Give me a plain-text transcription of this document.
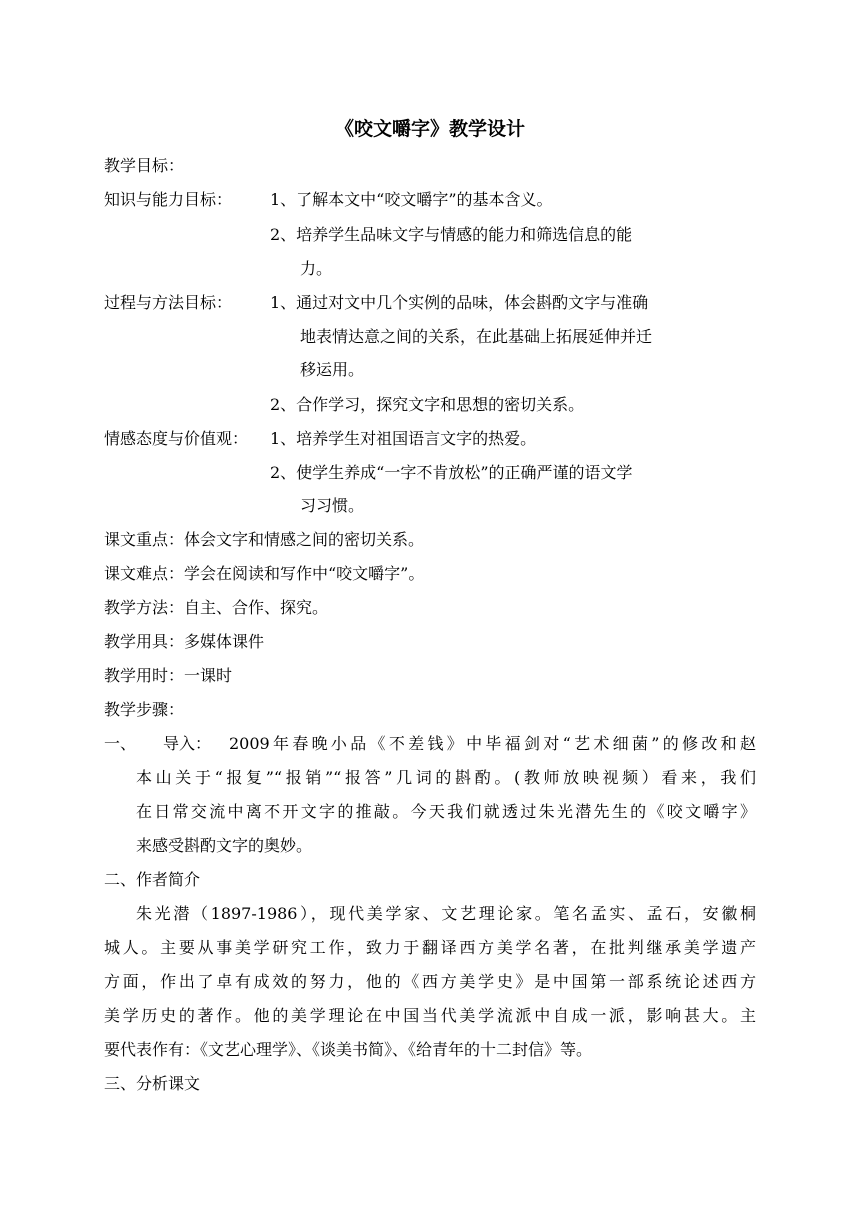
《咬文嚼字》教学设计
教学目标：
知识与能力目标： 1、了解本文中“咬文嚼字”的基本含义。
2、培养学生品味文字与情感的能力和筛选信息的能
力。
过程与方法目标： 1、通过对文中几个实例的品味，体会斟酌文字与准确
地表情达意之间的关系，在此基础上拓展延伸并迁
移运用。
2、合作学习，探究文字和思想的密切关系。
情感态度与价值观： 1、培养学生对祖国语言文字的热爱。
2、使学生养成“一字不肯放松”的正确严谨的语文学
习习惯。
课文重点：体会文字和情感之间的密切关系。
课文难点：学会在阅读和写作中“咬文嚼字”。
教学方法：自主、合作、探究。
教学用具：多媒体课件
教学用时：一课时
教学步骤：
一、 导入： 2009年春晚小品《不差钱》中毕福剑对“艺术细菌”的修改和赵
本山关于“报复”“报销”“报答”几词的斟酌。(教师放映视频）看来，我们
在日常交流中离不开文字的推敲。今天我们就透过朱光潜先生的《咬文嚼字》
来感受斟酌文字的奥妙。
二、作者简介
朱光潜（1897-1986），现代美学家、文艺理论家。笔名孟实、孟石，安徽桐
城人。主要从事美学研究工作，致力于翻译西方美学名著，在批判继承美学遗产
方面，作出了卓有成效的努力，他的《西方美学史》是中国第一部系统论述西方
美学历史的著作。他的美学理论在中国当代美学流派中自成一派，影响甚大。主
要代表作有：《文艺心理学》、《谈美书简》、《给青年的十二封信》等。
三、分析课文
